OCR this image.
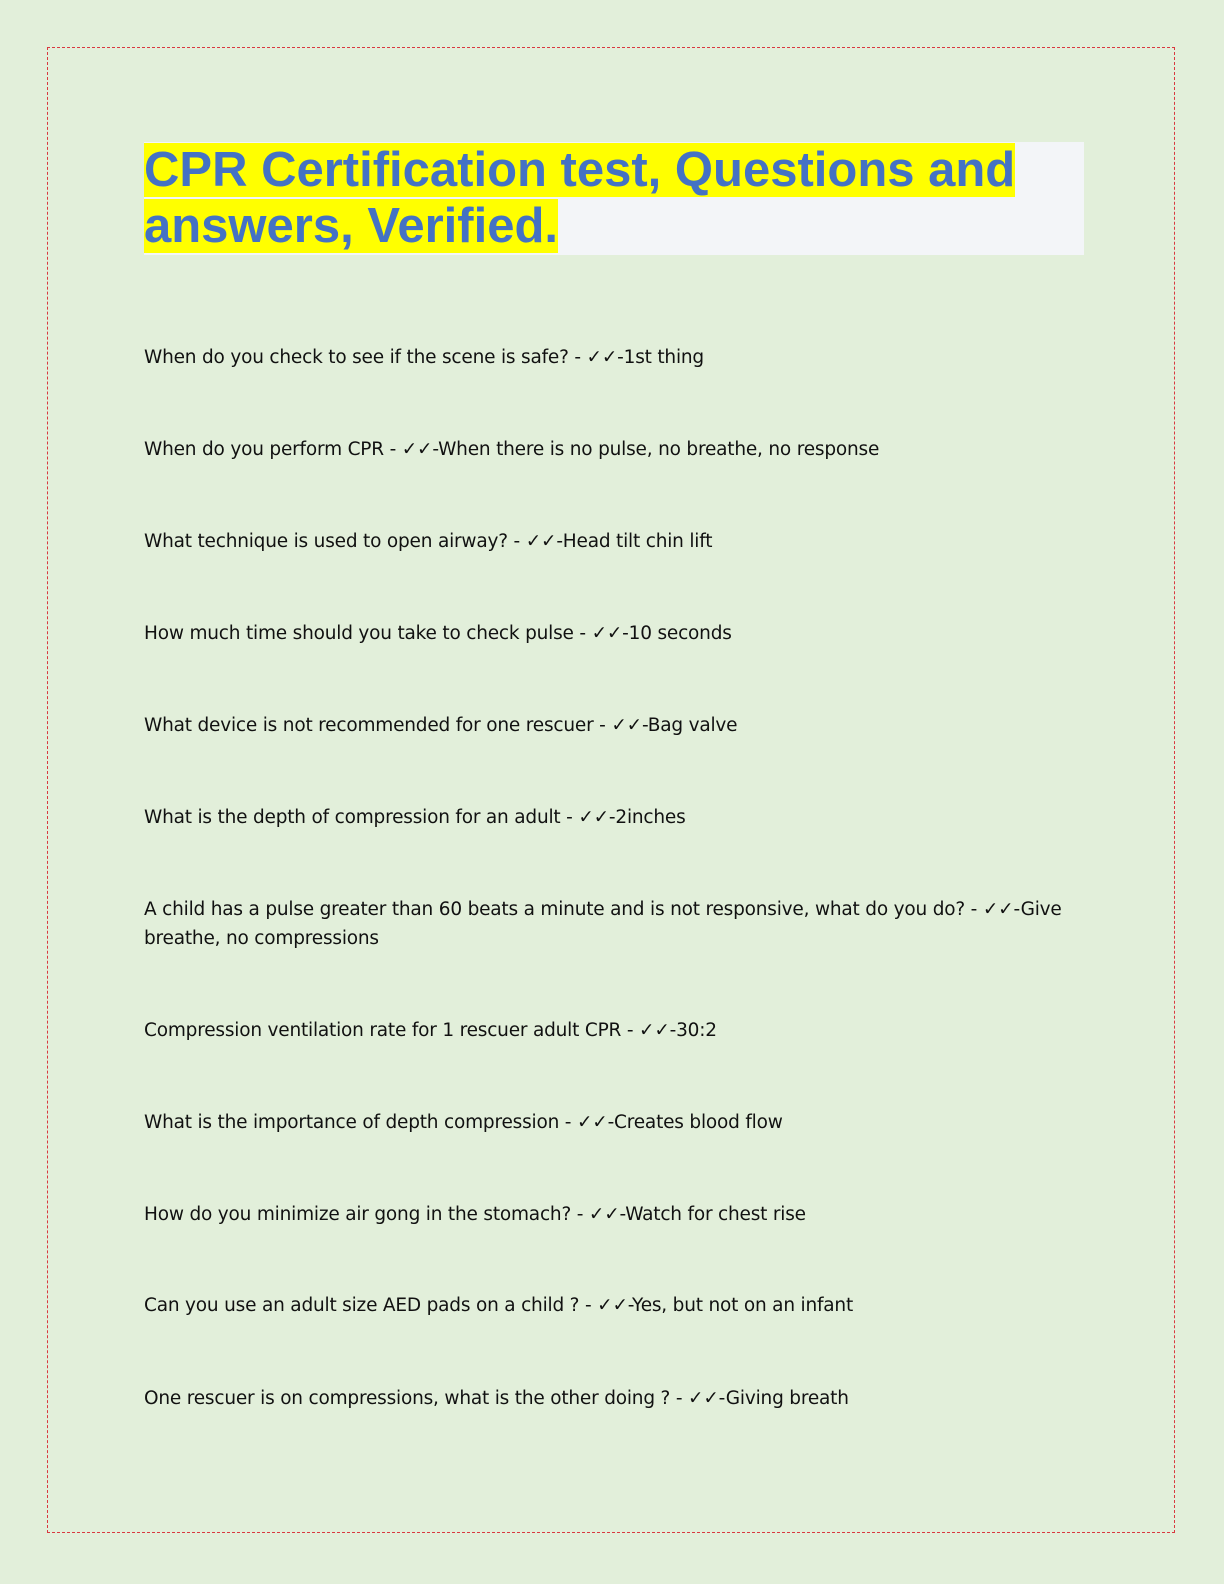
CPR Certification test, Questions and
answers, Verified.
When do you check to see if the scene is safe? - ✓✓-1st thing
When do you perform CPR - ✓✓-When there is no pulse, no breathe, no response
What technique is used to open airway? - ✓✓-Head tilt chin lift
How much time should you take to check pulse - ✓✓-10 seconds
What device is not recommended for one rescuer - ✓✓-Bag valve
What is the depth of compression for an adult - ✓✓-2inches
A child has a pulse greater than 60 beats a minute and is not responsive, what do you do? - ✓✓-Give breathe, no compressions
Compression ventilation rate for 1 rescuer adult CPR - ✓✓-30:2
What is the importance of depth compression - ✓✓-Creates blood flow
How do you minimize air gong in the stomach? - ✓✓-Watch for chest rise
Can you use an adult size AED pads on a child ? - ✓✓-Yes, but not on an infant
One rescuer is on compressions, what is the other doing ? - ✓✓-Giving breath
